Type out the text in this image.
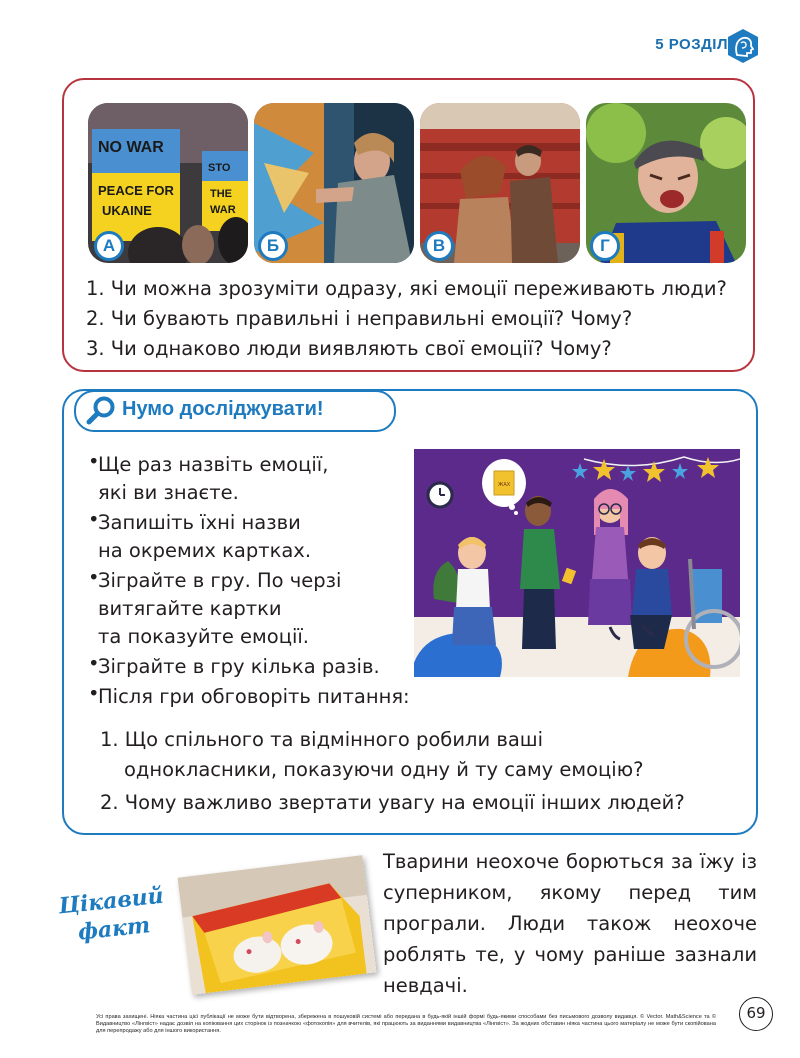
5 РОЗДІЛ
NO WAR
PEACE FOR
UKAINE
STO
THE
WAR
А	Б	В	Г
1. Чи можна зрозуміти одразу, які емоції переживають люди?
2. Чи бувають правильні і неправильні емоції? Чому?
3. Чи однаково люди виявляють свої емоції? Чому?
Нумо досліджувати!
•
Ще раз назвіть емоції,
які ви знаєте.
•
Запишіть їхні назви
на окремих картках.
•
Зіграйте в гру. По черзі
витягайте картки
та показуйте емоції.
•
Зіграйте в гру кілька разів.
•
Після гри обговоріть питання:
1. Що спільного та відмінного робили ваші
однокласники, показуючи одну й ту саму емоцію?
2. Чому важливо звертати увагу на емоції інших людей?
ЖАХ
Цікавий
факт
Тварини неохоче борються за їжу із суперником, якому перед тим програли. Люди також неохоче роблять те, у чому раніше зазнали невдачі.
69
Усі права захищені. Ніяка частина цієї публікації не може бути відтворена, збережена в пошуковій системі або передана в будь-якій іншій формі будь-якими способами без письмового дозволу видавця. © Vector. Math&Science та © Видавництво «Лінгвіст» надає дозвіл на копіювання цих сторінок із позначкою «фотокопія» для вчителів, які працюють за виданнями видавництва «Лінгвіст». За жодних обставин ніяка частина цього матеріалу не може бути скопійована для перепродажу або для іншого використання.
